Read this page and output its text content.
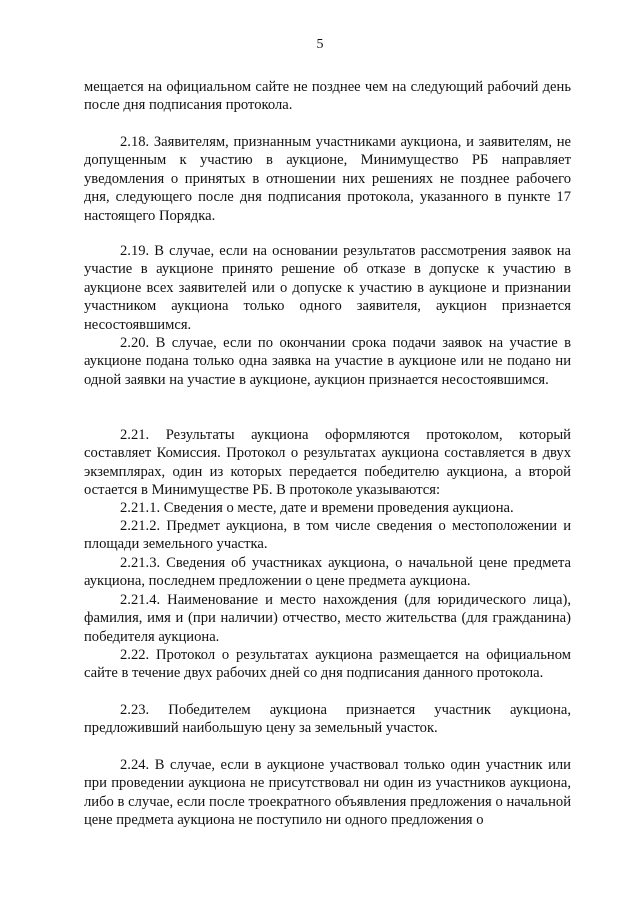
5

мещается на официальном сайте не позднее чем на следующий рабочий день после дня подписания протокола.

2.18. Заявителям, признанным участниками аукциона, и заявителям, не допущенным к участию в аукционе, Минимущество РБ направляет уведомления о принятых в отношении них решениях не позднее рабочего дня, следующего после дня подписания протокола, указанного в пункте 17 настоящего Порядка.

2.19. В случае, если на основании результатов рассмотрения заявок на участие в аукционе принято решение об отказе в допуске к участию в аукционе всех заявителей или о допуске к участию в аукционе и признании участником аукциона только одного заявителя, аукцион признается несостоявшимся.

2.20. В случае, если по окончании срока подачи заявок на участие в аукционе подана только одна заявка на участие в аукционе или не подано ни одной заявки на участие в аукционе, аукцион признается несостоявшимся.

2.21. Результаты аукциона оформляются протоколом, который составляет Комиссия. Протокол о результатах аукциона составляется в двух экземплярах, один из которых передается победителю аукциона, а второй остается в Минимуществе РБ. В протоколе указываются:

2.21.1. Сведения о месте, дате и времени проведения аукциона.

2.21.2. Предмет аукциона, в том числе сведения о местоположении и площади земельного участка.

2.21.3. Сведения об участниках аукциона, о начальной цене предмета аукциона, последнем предложении о цене предмета аукциона.

2.21.4. Наименование и место нахождения (для юридического лица), фамилия, имя и (при наличии) отчество, место жительства (для гражданина) победителя аукциона.

2.22. Протокол о результатах аукциона размещается на официальном сайте в течение двух рабочих дней со дня подписания данного протокола.

2.23. Победителем аукциона признается участник аукциона, предложивший наибольшую цену за земельный участок.

2.24. В случае, если в аукционе участвовал только один участник или при проведении аукциона не присутствовал ни один из участников аукциона, либо в случае, если после троекратного объявления предложения о начальной цене предмета аукциона не поступило ни одного предложения о
